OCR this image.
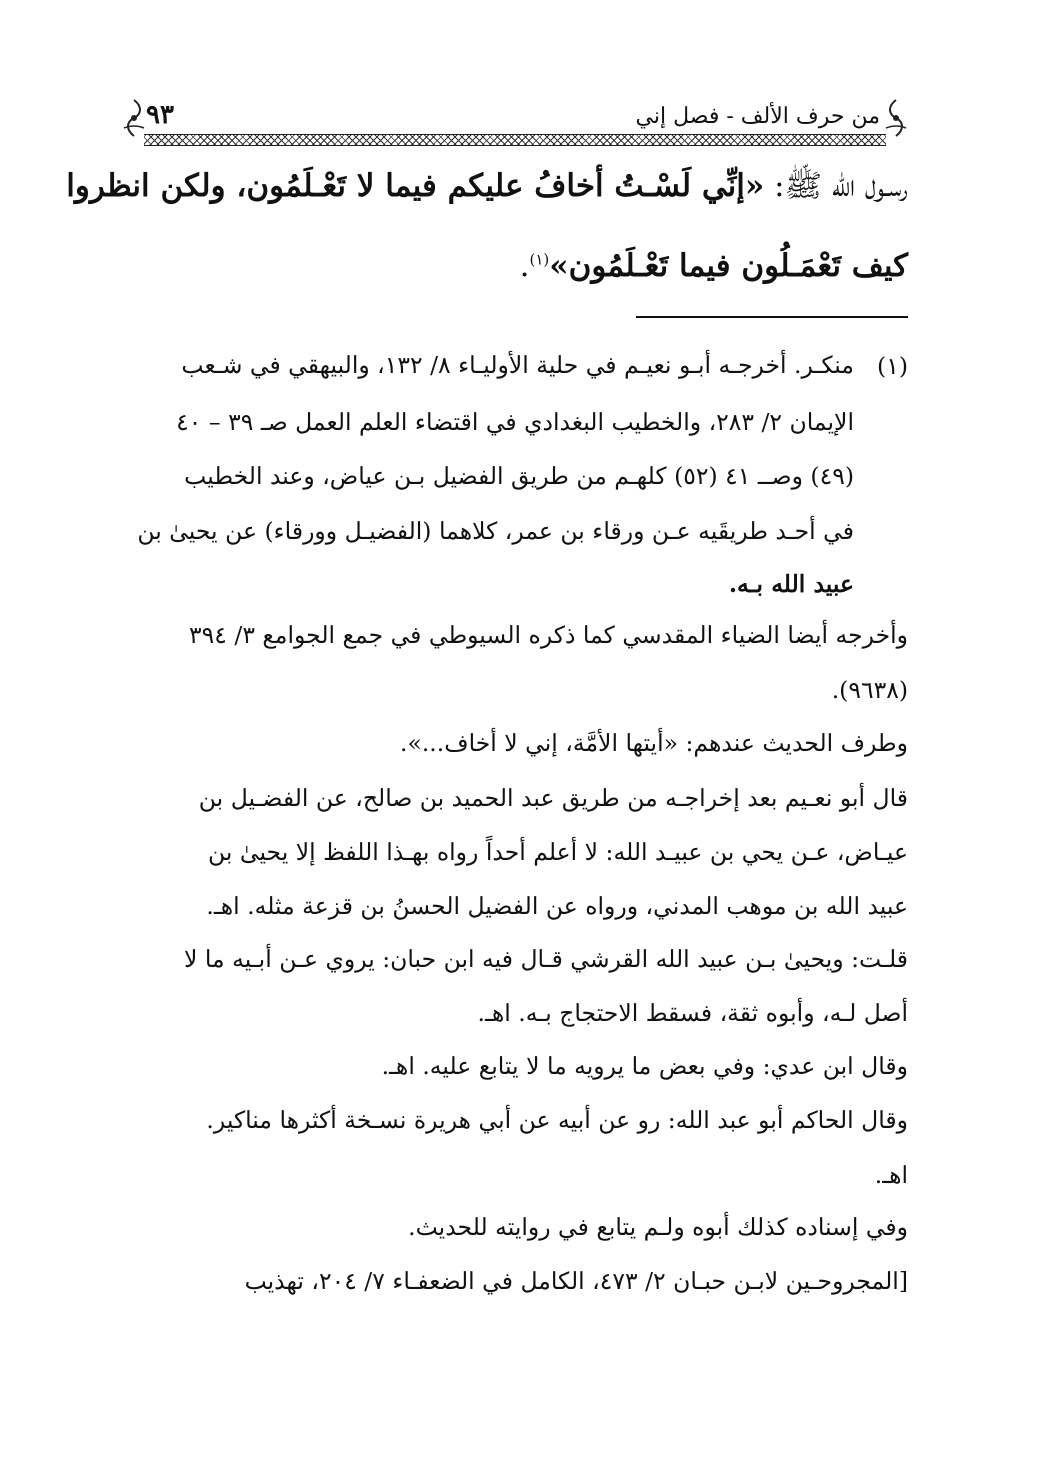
من حرف الألف - فصل إني
٩٣
رسـول الله ﷺ: «إنِّي لَسْـتُ أخافُ عليكم فيما لا تَعْـلَمُون، ولكن انظروا
كيف تَعْمَـلُون فيما تَعْـلَمُون»$^{(١)}$.
(١)
منكـر. أخرجـه أبـو نعيـم في حلية الأوليـاء ٨/ ١٣٢، والبيهقي في شـعب
الإيمان ٢/ ٢٨٣، والخطيب البغدادي في اقتضاء العلم العمل صـ ٣٩ – ٤٠
(٤٩) وصــ ٤١ (٥٢) كلهـم من طريق الفضيل بـن عياض، وعند الخطيب
في أحـد طريقَيه عـن ورقاء بن عمر، كلاهما (الفضيـل وورقاء) عن يحيىٰ بن
عبيد الله بـه.
وأخرجه أيضا الضياء المقدسي كما ذكره السيوطي في جمع الجوامع ٣/ ٣٩٤
(٩٦٣٨).
وطرف الحديث عندهم: «أيتها الأمَّة، إني لا أخاف...».
قال أبو نعـيم بعد إخراجـه من طريق عبد الحميد بن صالح، عن الفضـيل بن
عيـاض، عـن يحي بن عبيـد الله: لا أعلم أحداً رواه بهـذا اللفظ إلا يحيىٰ بن
عبيد الله بن موهب المدني، ورواه عن الفضيل الحسنُ بن قزعة مثله. اهـ.
قلـت: ويحيىٰ بـن عبيد الله القرشي قـال فيه ابن حبان: يروي عـن أبـيه ما لا
أصل لـه، وأبوه ثقة، فسقط الاحتجاج بـه. اهـ.
وقال ابن عدي: وفي بعض ما يرويه ما لا يتابع عليه. اهـ.
وقال الحاكم أبو عبد الله: رو عن أبيه عن أبي هريرة نسـخة أكثرها مناكير.
اهـ.
وفي إسناده كذلك أبوه ولـم يتابع في روايته للحديث.
[المجروحـين لابـن حبـان ٢/ ٤٧٣، الكامل في الضعفـاء ٧/ ٢٠٤، تهذيب
